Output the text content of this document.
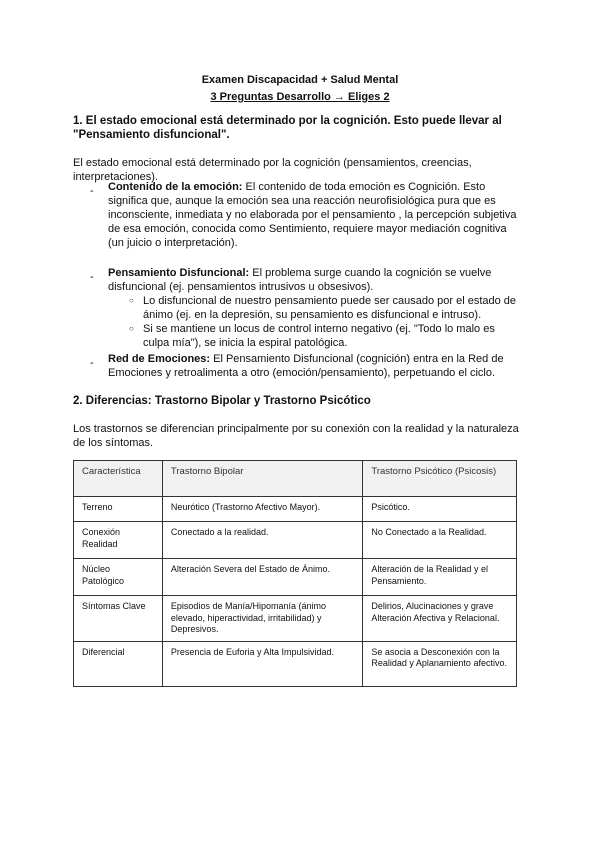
Examen Discapacidad + Salud Mental
3 Preguntas Desarrollo → Eliges 2
1. El estado emocional está determinado por la cognición. Esto puede llevar al "Pensamiento disfuncional".
El estado emocional está determinado por la cognición (pensamientos, creencias, interpretaciones).
- Contenido de la emoción: El contenido de toda emoción es Cognición. Esto significa que, aunque la emoción sea una reacción neurofisiológica pura que es inconsciente, inmediata y no elaborada por el pensamiento , la percepción subjetiva de esa emoción, conocida como Sentimiento, requiere mayor mediación cognitiva (un juicio o interpretación).
- Pensamiento Disfuncional: El problema surge cuando la cognición se vuelve disfuncional (ej. pensamientos intrusivos u obsesivos).
○ Lo disfuncional de nuestro pensamiento puede ser causado por el estado de ánimo (ej. en la depresión, su pensamiento es disfuncional e intruso).
○ Si se mantiene un locus de control interno negativo (ej. "Todo lo malo es culpa mía"), se inicia la espiral patológica.
- Red de Emociones: El Pensamiento Disfuncional (cognición) entra en la Red de Emociones y retroalimenta a otro (emoción/pensamiento), perpetuando el ciclo.
2. Diferencias: Trastorno Bipolar y Trastorno Psicótico
Los trastornos se diferencian principalmente por su conexión con la realidad y la naturaleza de los síntomas.
Característica	Trastorno Bipolar	Trastorno Psicótico (Psicosis)
Terreno	Neurótico (Trastorno Afectivo Mayor).	Psicótico.
Conexión Realidad	Conectado a la realidad.	No Conectado a la Realidad.
Núcleo Patológico	Alteración Severa del Estado de Ánimo.	Alteración de la Realidad y el Pensamiento.
Síntomas Clave	Episodios de Manía/Hipomanía (ánimo elevado, hiperactividad, irritabilidad) y Depresivos.	Delirios, Alucinaciones y grave Alteración Afectiva y Relacional.
Diferencial	Presencia de Euforia y Alta Impulsividad.	Se asocia a Desconexión con la Realidad y Aplanamiento afectivo.
